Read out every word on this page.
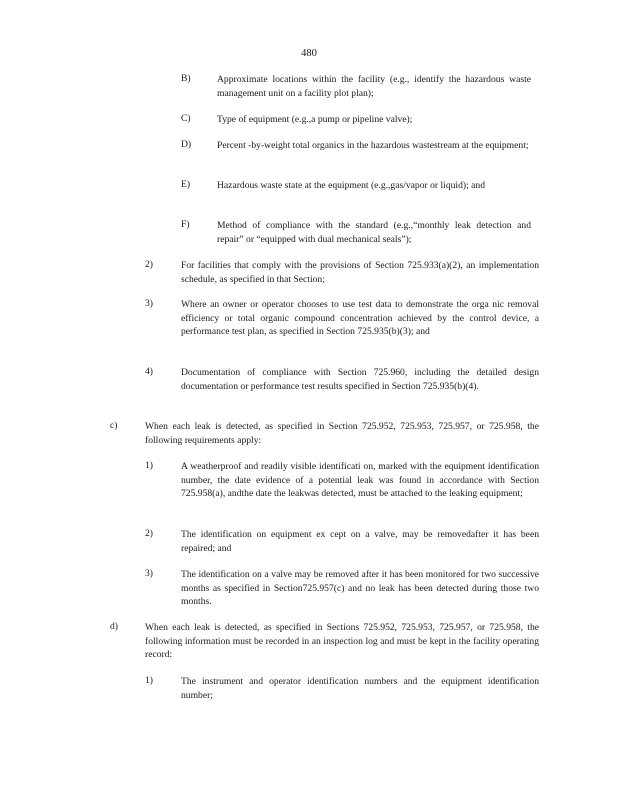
480
B)	Approximate locations within the facility (e.g., identify the hazardous waste management unit on a facility plot plan);
C)	Type of equipment (e.g.,a pump or pipeline valve);
D)	Percent -by-weight total organics in the hazardous wastestream at the equipment;
E)	Hazardous waste state at the equipment (e.g.,gas/vapor or liquid); and
F)	Method of compliance with the standard (e.g.,“monthly leak detection and repair” or “equipped with dual mechanical seals”);
2)	For facilities that comply with the provisions of Section 725.933(a)(2), an implementation schedule, as specified in that Section;
3)	Where an owner or operator chooses to use test data to demonstrate the orga nic removal efficiency or total organic compound concentration achieved by the control device, a performance test plan, as specified in Section 725.935(b)(3); and
4)	Documentation of compliance with Section 725.960, including the detailed design documentation or performance test results specified in Section 725.935(b)(4).
c)	When each leak is detected, as specified in Section 725.952, 725.953, 725.957, or 725.958, the following requirements apply:
1)	A weatherproof and readily visible identificati on, marked with the equipment identification number, the date evidence of a potential leak was found in accordance with Section 725.958(a), andthe date the leakwas detected, must be attached to the leaking equipment;
2)	The identification on equipment ex cept on a valve, may be removedafter it has been repaired; and
3)	The identification on a valve may be removed after it has been monitored for two successive months as specified in Section725.957(c) and no leak has been detected during those two months.
d)	When each leak is detected, as specified in Sections 725.952, 725.953, 725.957, or 725.958, the following information must be recorded in an inspection log and must be kept in the facility operating record:
1)	The instrument and operator identification numbers and the equipment identification number;
